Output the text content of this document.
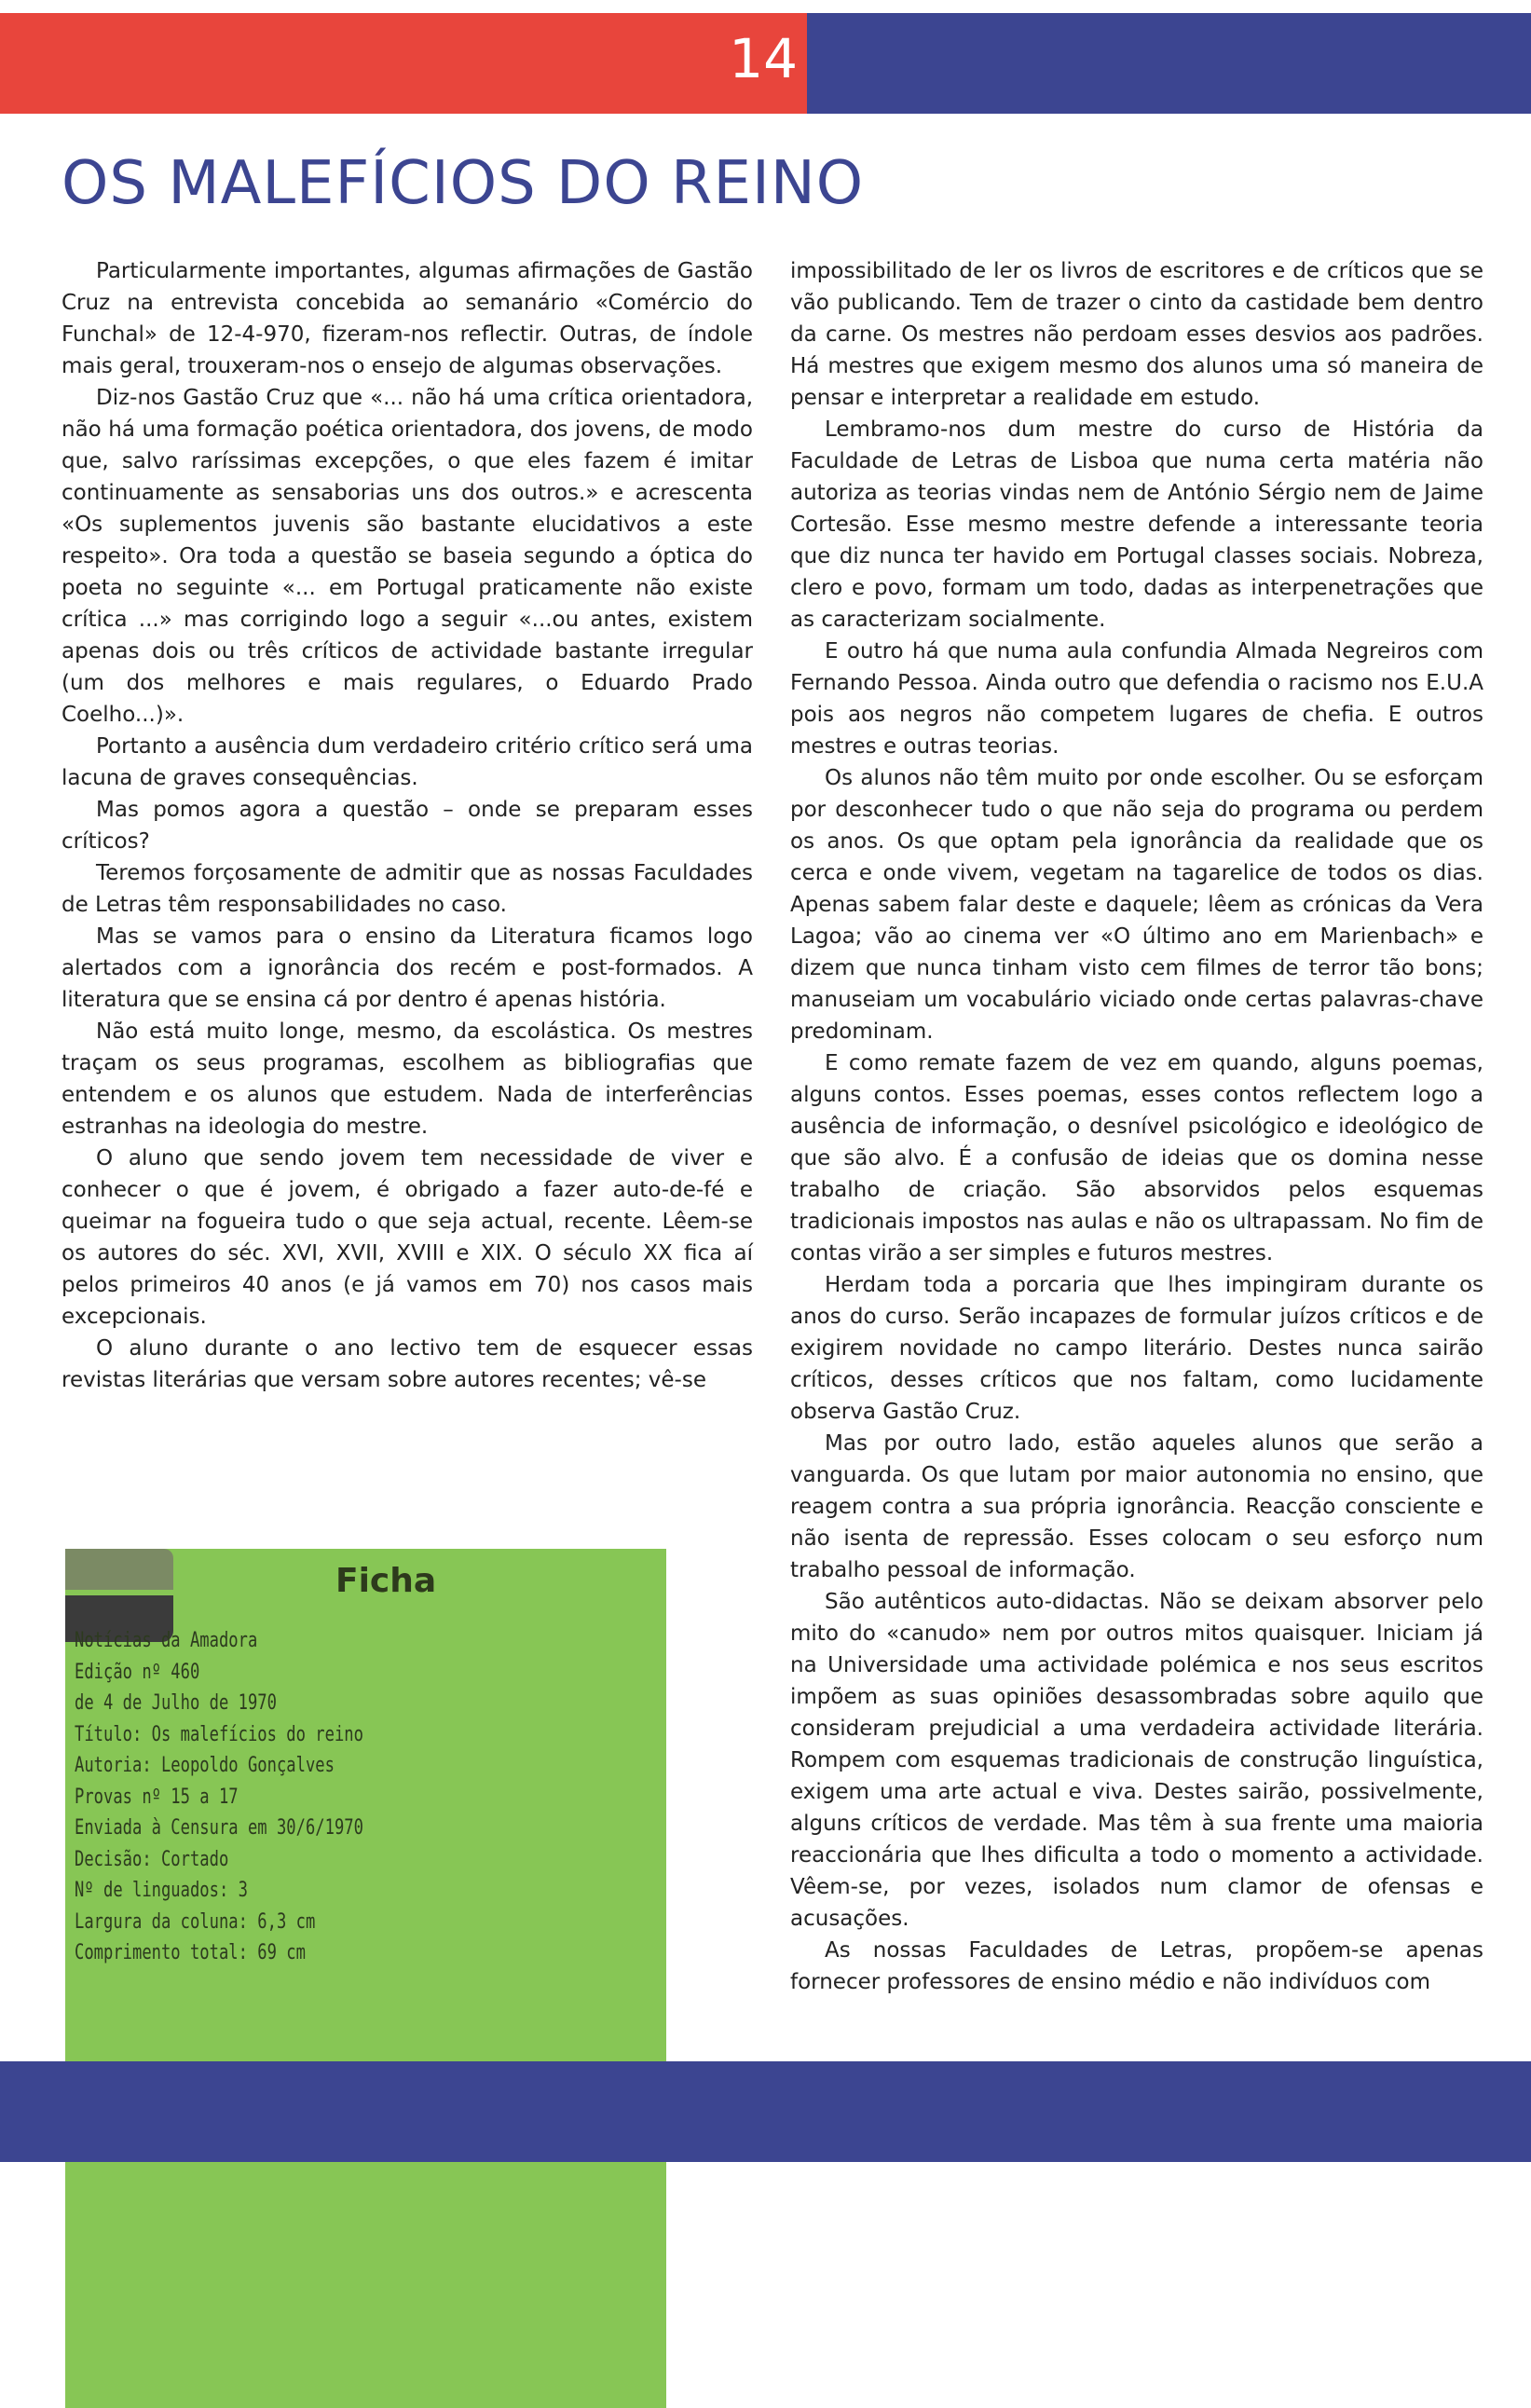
14
OS MALEFÍCIOS DO REINO

Particularmente importantes, algumas afirmações de Gastão Cruz na entrevista concebida ao semanário «Comércio do Funchal» de 12-4-970, fizeram-nos reflectir. Outras, de índole mais geral, trouxeram-nos o ensejo de algumas observações.

Diz-nos Gastão Cruz que «... não há uma crítica orientadora, não há uma formação poética orientadora, dos jovens, de modo que, salvo raríssimas excepções, o que eles fazem é imitar continuamente as sensaborias uns dos outros.» e acrescenta «Os suplementos juvenis são bastante elucidativos a este respeito». Ora toda a questão se baseia segundo a óptica do poeta no seguinte «... em Portugal praticamente não existe crítica ...» mas corrigindo logo a seguir «...ou antes, existem apenas dois ou três críticos de actividade bastante irregular (um dos melhores e mais regulares, o Eduardo Prado Coelho...)».

Portanto a ausência dum verdadeiro critério crítico será uma lacuna de graves consequências.

Mas pomos agora a questão – onde se preparam esses críticos?

Teremos forçosamente de admitir que as nossas Faculdades de Letras têm responsabilidades no caso.

Mas se vamos para o ensino da Literatura ficamos logo alertados com a ignorância dos recém e post-formados. A literatura que se ensina cá por dentro é apenas história.

Não está muito longe, mesmo, da escolástica. Os mestres traçam os seus programas, escolhem as bibliografias que entendem e os alunos que estudem. Nada de interferências estranhas na ideologia do mestre.

O aluno que sendo jovem tem necessidade de viver e conhecer o que é jovem, é obrigado a fazer auto-de-fé e queimar na fogueira tudo o que seja actual, recente. Lêem-se os autores do séc. XVI, XVII, XVIII e XIX. O século XX fica aí pelos primeiros 40 anos (e já vamos em 70) nos casos mais excepcionais.

O aluno durante o ano lectivo tem de esquecer essas revistas literárias que versam sobre autores recentes; vê-se

impossibilitado de ler os livros de escritores e de críticos que se vão publicando. Tem de trazer o cinto da castidade bem dentro da carne. Os mestres não perdoam esses desvios aos padrões. Há mestres que exigem mesmo dos alunos uma só maneira de pensar e interpretar a realidade em estudo.

Lembramo-nos dum mestre do curso de História da Faculdade de Letras de Lisboa que numa certa matéria não autoriza as teorias vindas nem de António Sérgio nem de Jaime Cortesão. Esse mesmo mestre defende a interessante teoria que diz nunca ter havido em Portugal classes sociais. Nobreza, clero e povo, formam um todo, dadas as interpenetrações que as caracterizam socialmente.

E outro há que numa aula confundia Almada Negreiros com Fernando Pessoa. Ainda outro que defendia o racismo nos E.U.A pois aos negros não competem lugares de chefia. E outros mestres e outras teorias.

Os alunos não têm muito por onde escolher. Ou se esforçam por desconhecer tudo o que não seja do programa ou perdem os anos. Os que optam pela ignorância da realidade que os cerca e onde vivem, vegetam na tagarelice de todos os dias. Apenas sabem falar deste e daquele; lêem as crónicas da Vera Lagoa; vão ao cinema ver «O último ano em Marienbach» e dizem que nunca tinham visto cem filmes de terror tão bons; manuseiam um vocabulário viciado onde certas palavras-chave predominam.

E como remate fazem de vez em quando, alguns poemas, alguns contos. Esses poemas, esses contos reflectem logo a ausência de informação, o desnível psicológico e ideológico de que são alvo. É a confusão de ideias que os domina nesse trabalho de criação. São absorvidos pelos esquemas tradicionais impostos nas aulas e não os ultrapassam. No fim de contas virão a ser simples e futuros mestres.

Herdam toda a porcaria que lhes impingiram durante os anos do curso. Serão incapazes de formular juízos críticos e de exigirem novidade no campo literário. Destes nunca sairão críticos, desses críticos que nos faltam, como lucidamente observa Gastão Cruz.

Mas por outro lado, estão aqueles alunos que serão a vanguarda. Os que lutam por maior autonomia no ensino, que reagem contra a sua própria ignorância. Reacção consciente e não isenta de repressão. Esses colocam o seu esforço num trabalho pessoal de informação.

São autênticos auto-didactas. Não se deixam absorver pelo mito do «canudo» nem por outros mitos quaisquer. Iniciam já na Universidade uma actividade polémica e nos seus escritos impõem as suas opiniões desassombradas sobre aquilo que consideram prejudicial a uma verdadeira actividade literária. Rompem com esquemas tradicionais de construção linguística, exigem uma arte actual e viva. Destes sairão, possivelmente, alguns críticos de verdade. Mas têm à sua frente uma maioria reaccionária que lhes dificulta a todo o momento a actividade. Vêem-se, por vezes, isolados num clamor de ofensas e acusações.

As nossas Faculdades de Letras, propõem-se apenas fornecer professores de ensino médio e não indivíduos com

Ficha
Notícias da Amadora
Edição nº 460
de 4 de Julho de 1970
Título: Os malefícios do reino
Autoria: Leopoldo Gonçalves
Provas nº 15 a 17
Enviada à Censura em 30/6/1970
Decisão: Cortado
Nº de linguados: 3
Largura da coluna: 6,3 cm
Comprimento total: 69 cm
